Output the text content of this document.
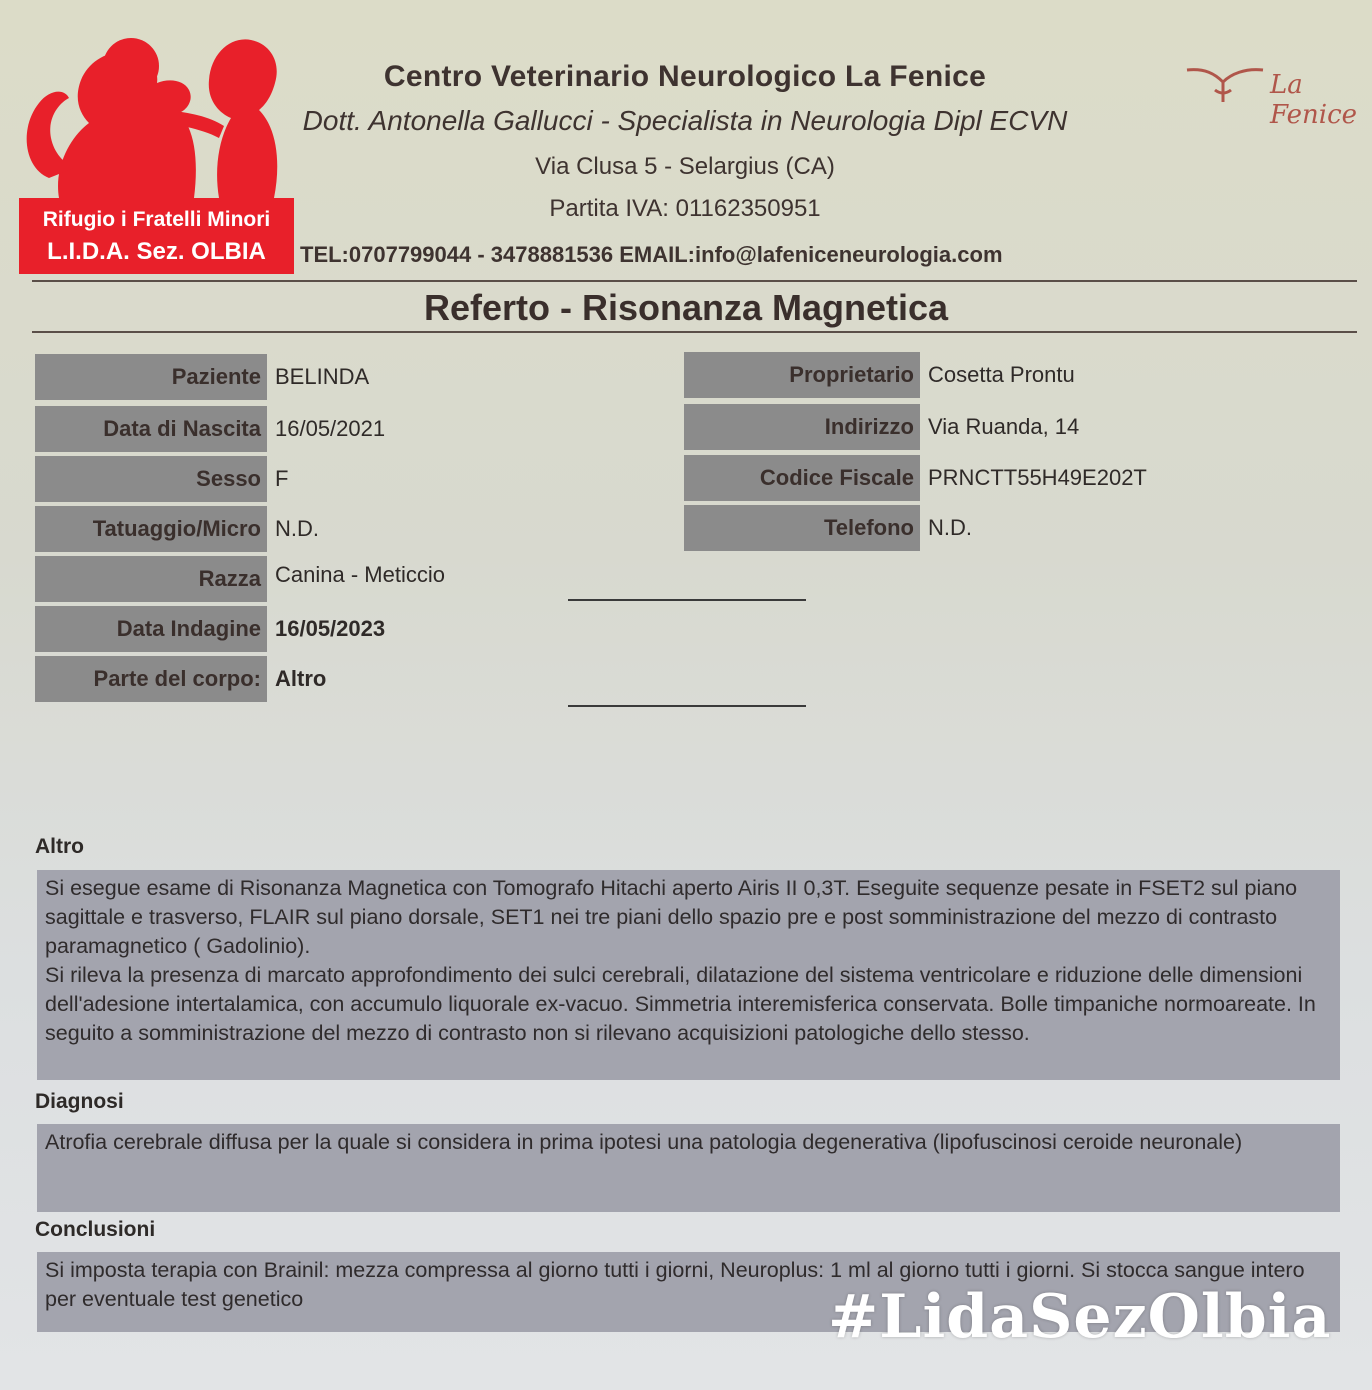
Rifugio i Fratelli Minori
L.I.D.A. Sez. OLBIA
Centro Veterinario Neurologico La Fenice
Dott. Antonella Gallucci - Specialista in Neurologia Dipl ECVN
Via Clusa 5 - Selargius (CA)
Partita IVA: 01162350951
TEL:0707799044 - 3478881536 EMAIL:info@lafeniceneurologia.com
La Fenice
Referto - Risonanza Magnetica
Paziente BELINDA
Data di Nascita 16/05/2021
Sesso F
Tatuaggio/Micro N.D.
Razza Canina - Meticcio
Data Indagine 16/05/2023
Parte del corpo: Altro
Proprietario Cosetta Prontu
Indirizzo Via Ruanda, 14
Codice Fiscale PRNCTT55H49E202T
Telefono N.D.
Altro

Si esegue esame di Risonanza Magnetica con Tomografo Hitachi aperto Airis II 0,3T. Eseguite sequenze pesate in FSET2 sul piano sagittale e trasverso, FLAIR sul piano dorsale, SET1 nei tre piani dello spazio pre e post somministrazione del mezzo di contrasto paramagnetico ( Gadolinio).

Si rileva la presenza di marcato approfondimento dei sulci cerebrali, dilatazione del sistema ventricolare e riduzione delle dimensioni dell'adesione intertalamica, con accumulo liquorale ex-vacuo. Simmetria interemisferica conservata. Bolle timpaniche normoareate. In seguito a somministrazione del mezzo di contrasto non si rilevano acquisizioni patologiche dello stesso.

Diagnosi

Atrofia cerebrale diffusa per la quale si considera in prima ipotesi una patologia degenerativa (lipofuscinosi ceroide neuronale)

Conclusioni

Si imposta terapia con Brainil: mezza compressa al giorno tutti i giorni, Neuroplus: 1 ml al giorno tutti i giorni. Si stocca sangue intero per eventuale test genetico	#LidaSezOlbia
